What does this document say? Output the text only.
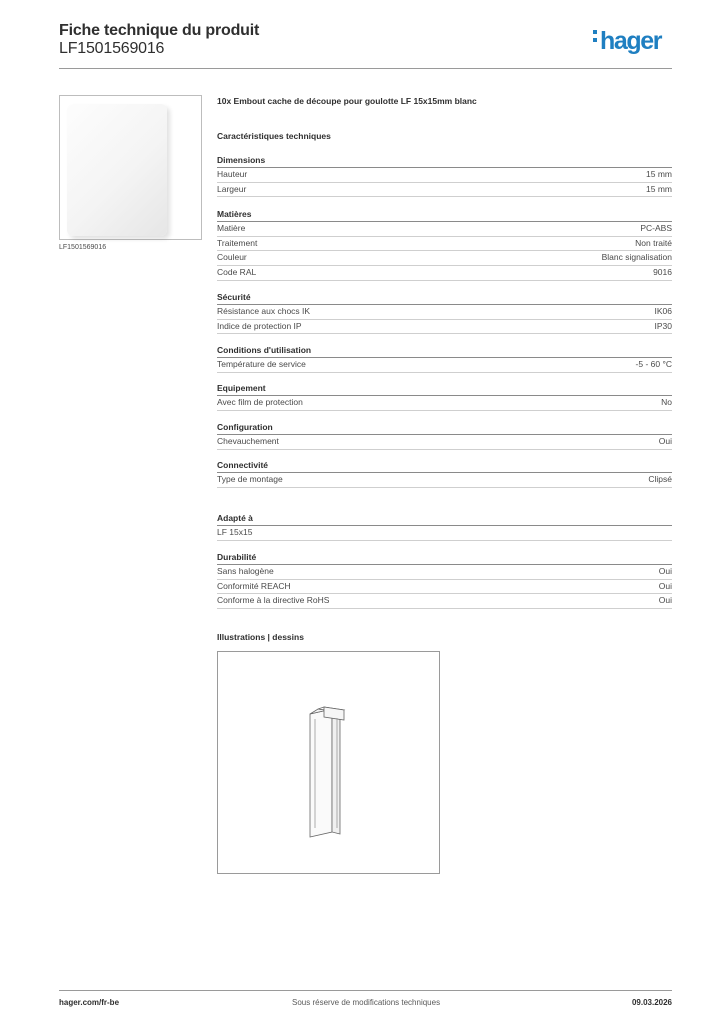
Fiche technique du produit
LF1501569016	hager
LF1501569016
10x Embout cache de découpe pour goulotte LF 15x15mm blanc
Caractéristiques techniques
Dimensions
Hauteur	15 mm
Largeur	15 mm
Matières
Matière	PC-ABS
Traitement	Non traité
Couleur	Blanc signalisation
Code RAL	9016
Sécurité
Résistance aux chocs IK	IK06
Indice de protection IP	IP30
Conditions d'utilisation
Température de service	-5 - 60 °C
Equipement
Avec film de protection	No
Configuration
Chevauchement	Oui
Connectivité
Type de montage	Clipsé
Adapté à
LF 15x15
Durabilité
Sans halogène	Oui
Conformité REACH	Oui
Conforme à la directive RoHS	Oui
Illustrations | dessins
hager.com/fr-be	Sous réserve de modifications techniques	09.03.2026
